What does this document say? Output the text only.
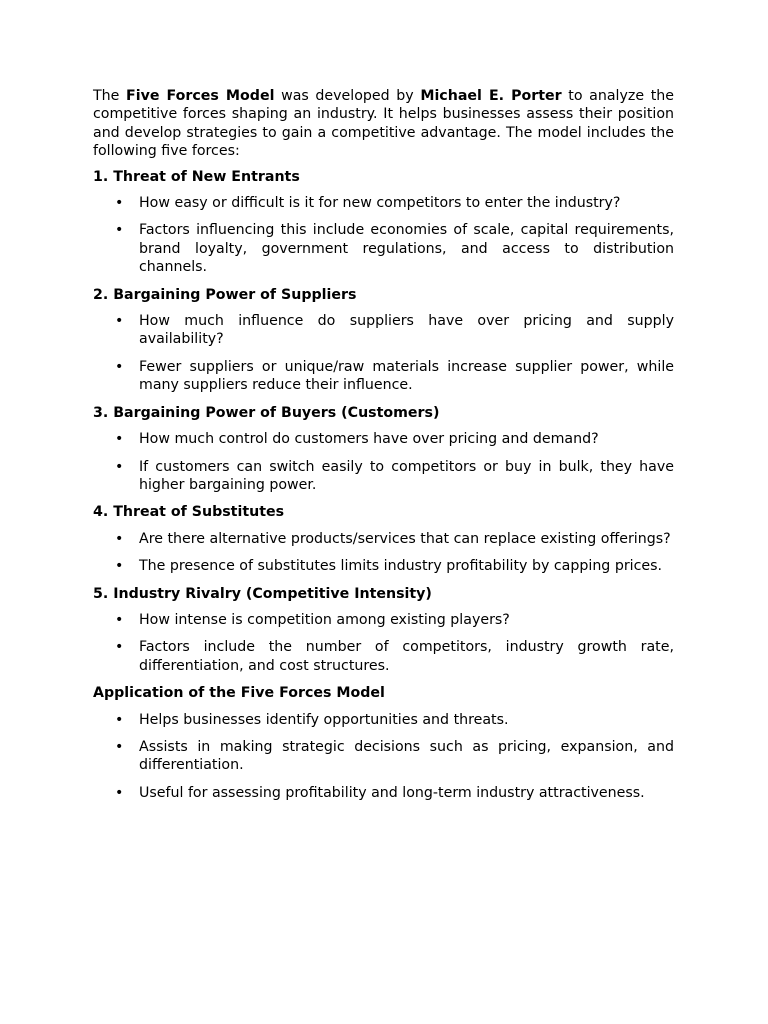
The Five Forces Model was developed by Michael E. Porter to analyze the competitive forces shaping an industry. It helps businesses assess their position and develop strategies to gain a competitive advantage. The model includes the following five forces:

1. Threat of New Entrants
• How easy or difficult is it for new competitors to enter the industry?
• Factors influencing this include economies of scale, capital requirements, brand loyalty, government regulations, and access to distribution channels.
2. Bargaining Power of Suppliers
• How much influence do suppliers have over pricing and supply availability?
• Fewer suppliers or unique/raw materials increase supplier power, while many suppliers reduce their influence.
3. Bargaining Power of Buyers (Customers)
• How much control do customers have over pricing and demand?
• If customers can switch easily to competitors or buy in bulk, they have higher bargaining power.
4. Threat of Substitutes
• Are there alternative products/services that can replace existing offerings?
• The presence of substitutes limits industry profitability by capping prices.
5. Industry Rivalry (Competitive Intensity)
• How intense is competition among existing players?
• Factors include the number of competitors, industry growth rate, differentiation, and cost structures.
Application of the Five Forces Model
• Helps businesses identify opportunities and threats.
• Assists in making strategic decisions such as pricing, expansion, and differentiation.
• Useful for assessing profitability and long-term industry attractiveness.
